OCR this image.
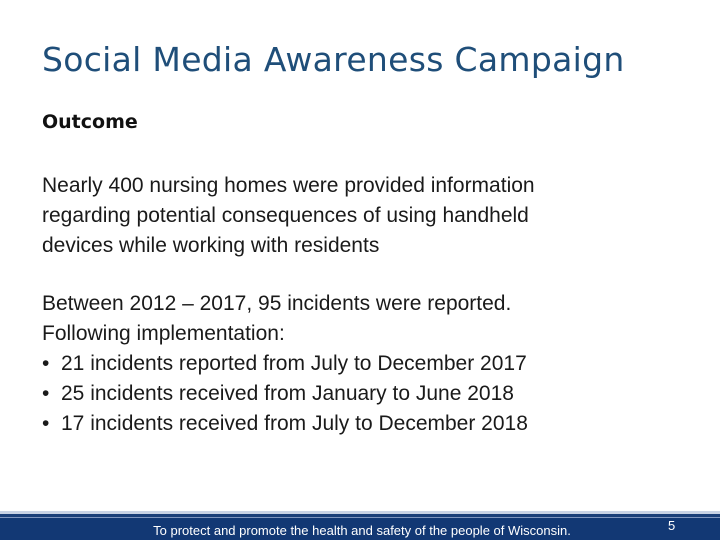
Social Media Awareness Campaign
Outcome

Nearly 400 nursing homes were provided information
regarding potential consequences of using handheld
devices while working with residents

Between 2012 – 2017, 95 incidents were reported.
Following implementation:
• 21 incidents reported from July to December 2017
• 25 incidents received from January to June 2018
• 17 incidents received from July to December 2018
To protect and promote the health and safety of the people of Wisconsin.	5
